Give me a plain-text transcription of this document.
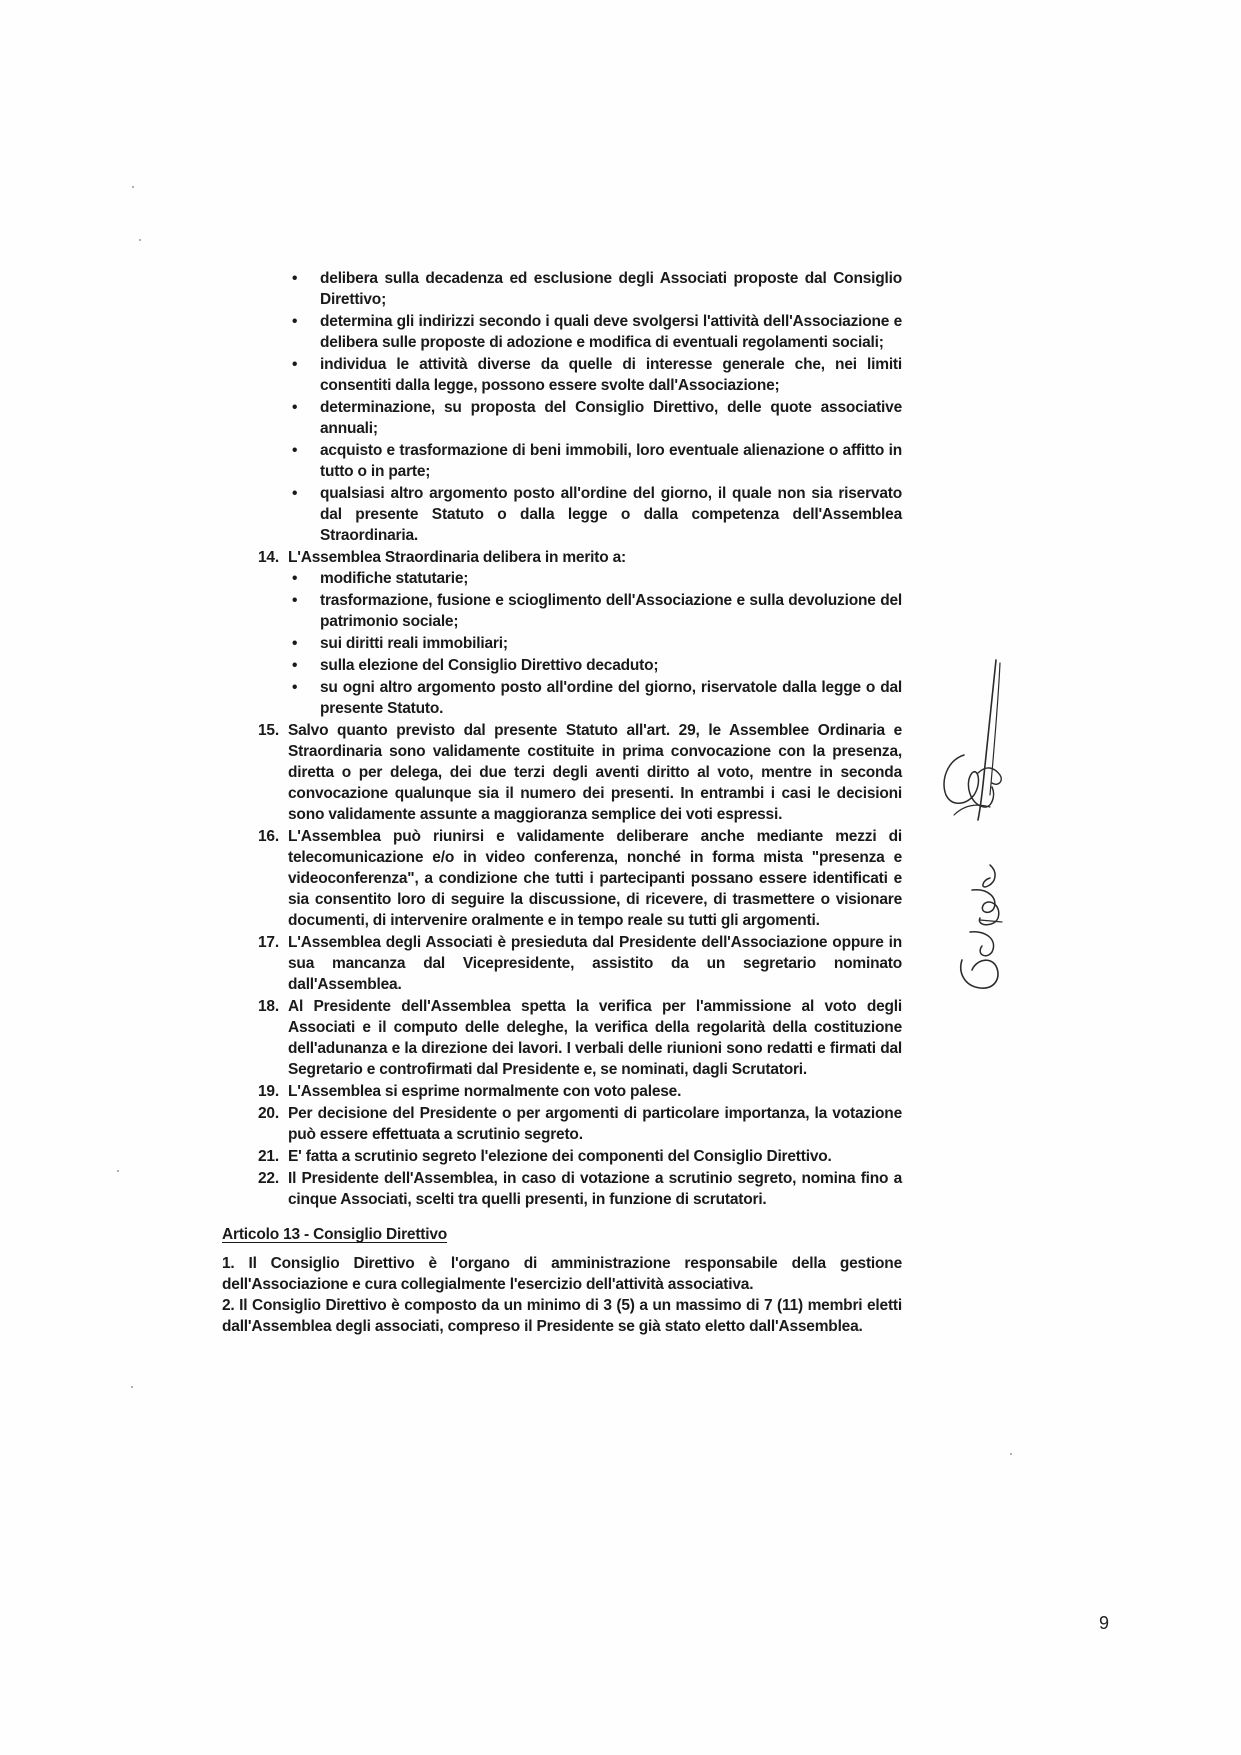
• delibera sulla decadenza ed esclusione degli Associati proposte dal Consiglio Direttivo;
• determina gli indirizzi secondo i quali deve svolgersi l'attività dell'Associazione e delibera sulle proposte di adozione e modifica di eventuali regolamenti sociali;
• individua le attività diverse da quelle di interesse generale che, nei limiti consentiti dalla legge, possono essere svolte dall'Associazione;
• determinazione, su proposta del Consiglio Direttivo, delle quote associative annuali;
• acquisto e trasformazione di beni immobili, loro eventuale alienazione o affitto in tutto o in parte;
• qualsiasi altro argomento posto all'ordine del giorno, il quale non sia riservato dal presente Statuto o dalla legge o dalla competenza dell'Assemblea Straordinaria.
14. L'Assemblea Straordinaria delibera in merito a:
• modifiche statutarie;
• trasformazione, fusione e scioglimento dell'Associazione e sulla devoluzione del patrimonio sociale;
• sui diritti reali immobiliari;
• sulla elezione del Consiglio Direttivo decaduto;
• su ogni altro argomento posto all'ordine del giorno, riservatole dalla legge o dal presente Statuto.
15. Salvo quanto previsto dal presente Statuto all'art. 29, le Assemblee Ordinaria e Straordinaria sono validamente costituite in prima convocazione con la presenza, diretta o per delega, dei due terzi degli aventi diritto al voto, mentre in seconda convocazione qualunque sia il numero dei presenti. In entrambi i casi le decisioni sono validamente assunte a maggioranza semplice dei voti espressi.
16. L'Assemblea può riunirsi e validamente deliberare anche mediante mezzi di telecomunicazione e/o in video conferenza, nonché in forma mista "presenza e videoconferenza", a condizione che tutti i partecipanti possano essere identificati e sia consentito loro di seguire la discussione, di ricevere, di trasmettere o visionare documenti, di intervenire oralmente e in tempo reale su tutti gli argomenti.
17. L'Assemblea degli Associati è presieduta dal Presidente dell'Associazione oppure in sua mancanza dal Vicepresidente, assistito da un segretario nominato dall'Assemblea.
18. Al Presidente dell'Assemblea spetta la verifica per l'ammissione al voto degli Associati e il computo delle deleghe, la verifica della regolarità della costituzione dell'adunanza e la direzione dei lavori. I verbali delle riunioni sono redatti e firmati dal Segretario e controfirmati dal Presidente e, se nominati, dagli Scrutatori.
19. L'Assemblea si esprime normalmente con voto palese.
20. Per decisione del Presidente o per argomenti di particolare importanza, la votazione può essere effettuata a scrutinio segreto.
21. E' fatta a scrutinio segreto l'elezione dei componenti del Consiglio Direttivo.
22. Il Presidente dell'Assemblea, in caso di votazione a scrutinio segreto, nomina fino a cinque Associati, scelti tra quelli presenti, in funzione di scrutatori.
Articolo 13 - Consiglio Direttivo

1. Il Consiglio Direttivo è l'organo di amministrazione responsabile della gestione dell'Associazione e cura collegialmente l'esercizio dell'attività associativa.

2. Il Consiglio Direttivo è composto da un minimo di 3 (5) a un massimo di 7 (11) membri eletti dall'Assemblea degli associati, compreso il Presidente se già stato eletto dall'Assemblea.

9
